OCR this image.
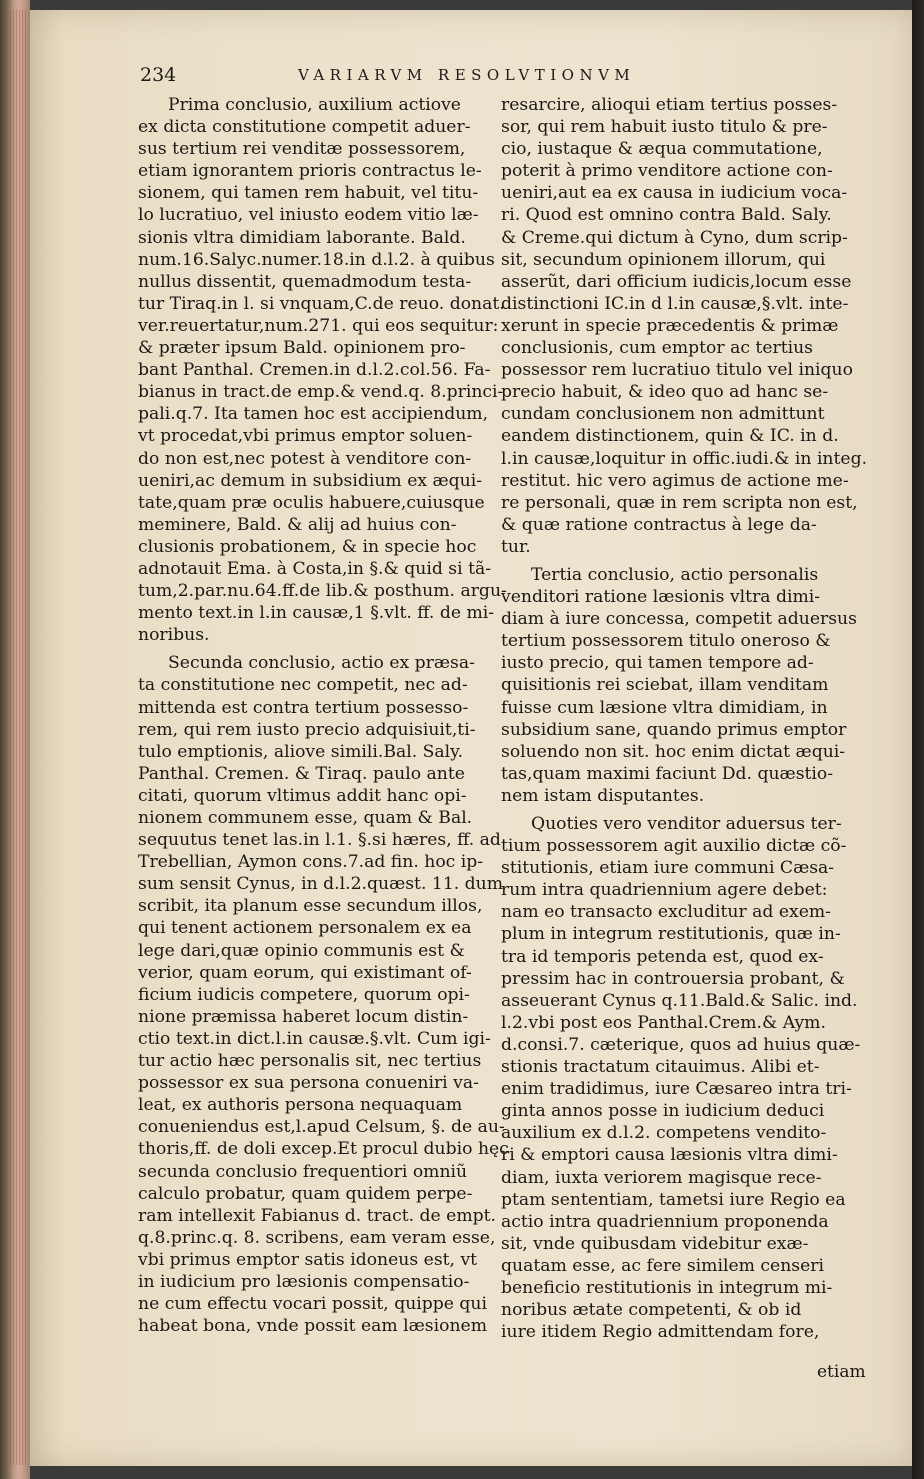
234	VARIARVM RESOLVTIONVM
Prima conclusio, auxilium actiove
ex dicta constitutione competit aduer-
sus tertium rei venditæ possessorem,
etiam ignorantem prioris contractus le-
sionem, qui tamen rem habuit, vel titu-
lo lucratiuo, vel iniusto eodem vitio læ-
sionis vltra dimidiam laborante. Bald.
num.16.Salyc.numer.18.in d.l.2. à quibus
nullus dissentit, quemadmodum testa-
tur Tiraq.in l. si vnquam,C.de reuo. donat.
ver.reuertatur,num.271. qui eos sequitur:
& præter ipsum Bald. opinionem pro-
bant Panthal. Cremen.in d.l.2.col.56. Fa-
bianus in tract.de emp.& vend.q. 8.princi-
pali.q.7. Ita tamen hoc est accipiendum,
vt procedat,vbi primus emptor soluen-
do non est,nec potest à venditore con-
ueniri,ac demum in subsidium ex æqui-
tate,quam præ oculis habuere,cuiusque
meminere, Bald. & alij ad huius con-
clusionis probationem, & in specie hoc
adnotauit Ema. à Costa,in §.& quid si tã-
tum,2.par.nu.64.ff.de lib.& posthum. argu-
mento text.in l.in causæ,1 §.vlt. ff. de mi-
noribus.
Secunda conclusio, actio ex præsa-
ta constitutione nec competit, nec ad-
mittenda est contra tertium possesso-
rem, qui rem iusto precio adquisiuit,ti-
tulo emptionis, aliove simili.Bal. Saly.
Panthal. Cremen. & Tiraq. paulo ante
citati, quorum vltimus addit hanc opi-
nionem communem esse, quam & Bal.
sequutus tenet las.in l.1. §.si hæres, ff. ad
Trebellian, Aymon cons.7.ad fin. hoc ip-
sum sensit Cynus, in d.l.2.quæst. 11. dum
scribit, ita planum esse secundum illos,
qui tenent actionem personalem ex ea
lege dari,quæ opinio communis est &
verior, quam eorum, qui existimant of-
ficium iudicis competere, quorum opi-
nione præmissa haberet locum distin-
ctio text.in dict.l.in causæ.§.vlt. Cum igi-
tur actio hæc personalis sit, nec tertius
possessor ex sua persona conueniri va-
leat, ex authoris persona nequaquam
conueniendus est,l.apud Celsum, §. de au-
thoris,ff. de doli excep.Et procul dubio hęc
secunda conclusio frequentiori omniũ
calculo probatur, quam quidem perpe-
ram intellexit Fabianus d. tract. de empt.
q.8.princ.q. 8. scribens, eam veram esse,
vbi primus emptor satis idoneus est, vt
in iudicium pro læsionis compensatio-
ne cum effectu vocari possit, quippe qui
habeat bona, vnde possit eam læsionem
resarcire, alioqui etiam tertius posses-
sor, qui rem habuit iusto titulo & pre-
cio, iustaque & æqua commutatione,
poterit à primo venditore actione con-
ueniri,aut ea ex causa in iudicium voca-
ri. Quod est omnino contra Bald. Saly.
& Creme.qui dictum à Cyno, dum scrip-
sit, secundum opinionem illorum, qui
asserũt, dari officium iudicis,locum esse
distinctioni IC.in d l.in causæ,§.vlt. inte-
xerunt in specie præcedentis & primæ
conclusionis, cum emptor ac tertius
possessor rem lucratiuo titulo vel iniquo
precio habuit, & ideo quo ad hanc se-
cundam conclusionem non admittunt
eandem distinctionem, quin & IC. in d.
l.in causæ,loquitur in offic.iudi.& in integ.
restitut. hic vero agimus de actione me-
re personali, quæ in rem scripta non est,
& quæ ratione contractus à lege da-
tur.
Tertia conclusio, actio personalis
venditori ratione læsionis vltra dimi-
diam à iure concessa, competit aduersus
tertium possessorem titulo oneroso &
iusto precio, qui tamen tempore ad-
quisitionis rei sciebat, illam venditam
fuisse cum læsione vltra dimidiam, in
subsidium sane, quando primus emptor
soluendo non sit. hoc enim dictat æqui-
tas,quam maximi faciunt Dd. quæstio-
nem istam disputantes.
Quoties vero venditor aduersus ter-
tium possessorem agit auxilio dictæ cõ-
stitutionis, etiam iure communi Cæsa-
rum intra quadriennium agere debet:
nam eo transacto excluditur ad exem-
plum in integrum restitutionis, quæ in-
tra id temporis petenda est, quod ex-
pressim hac in controuersia probant, &
asseuerant Cynus q.11.Bald.& Salic. ind.
l.2.vbi post eos Panthal.Crem.& Aym.
d.consi.7. cæterique, quos ad huius quæ-
stionis tractatum citauimus. Alibi et-
enim tradidimus, iure Cæsareo intra tri-
ginta annos posse in iudicium deduci
auxilium ex d.l.2. competens vendito-
ri & emptori causa læsionis vltra dimi-
diam, iuxta veriorem magisque rece-
ptam sententiam, tametsi iure Regio ea
actio intra quadriennium proponenda
sit, vnde quibusdam videbitur exæ-
quatam esse, ac fere similem censeri
beneficio restitutionis in integrum mi-
noribus ætate competenti, & ob id
iure itidem Regio admittendam fore,
etiam
